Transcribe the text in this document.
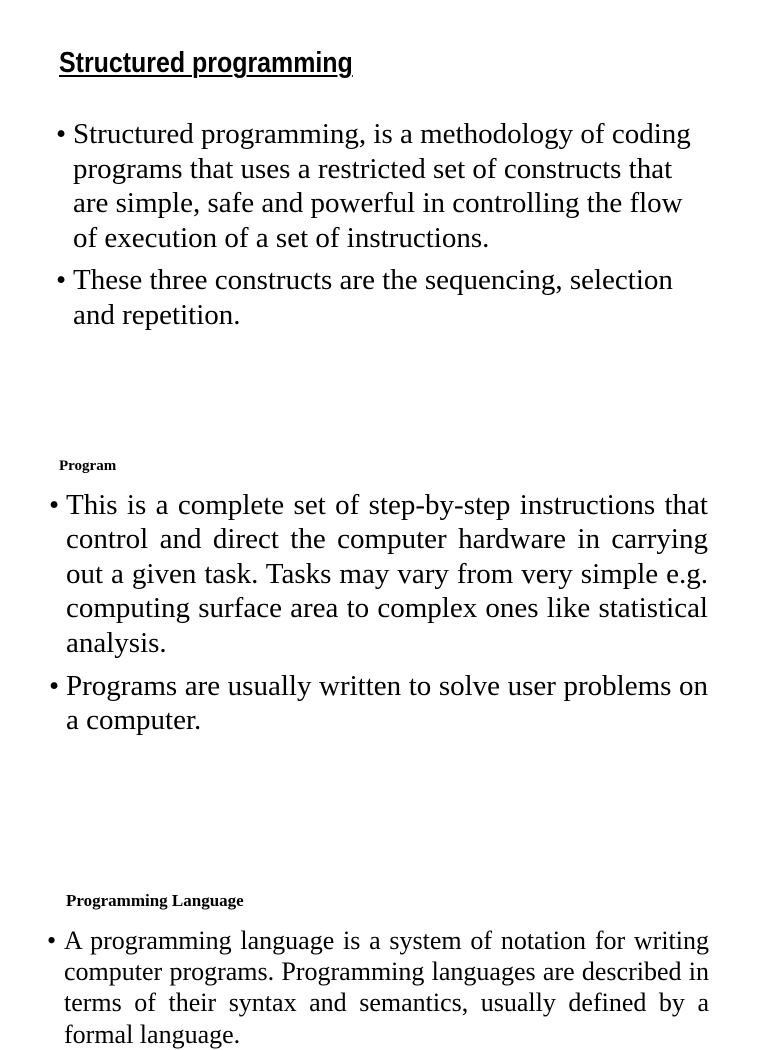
Structured programming
• Structured programming, is a methodology of coding programs that uses a restricted set of constructs that are simple, safe and powerful in controlling the flow of execution of a set of instructions.
• These three constructs are the sequencing, selection and repetition.
Program
• This is a complete set of step-by-step instructions that control and direct the computer hardware in carrying out a given task. Tasks may vary from very simple e.g. computing surface area to complex ones like statistical analysis.
• Programs are usually written to solve user problems on a computer.
Programming Language
• A programming language is a system of notation for writing computer programs. Programming languages are described in terms of their syntax and semantics, usually defined by a formal language.
